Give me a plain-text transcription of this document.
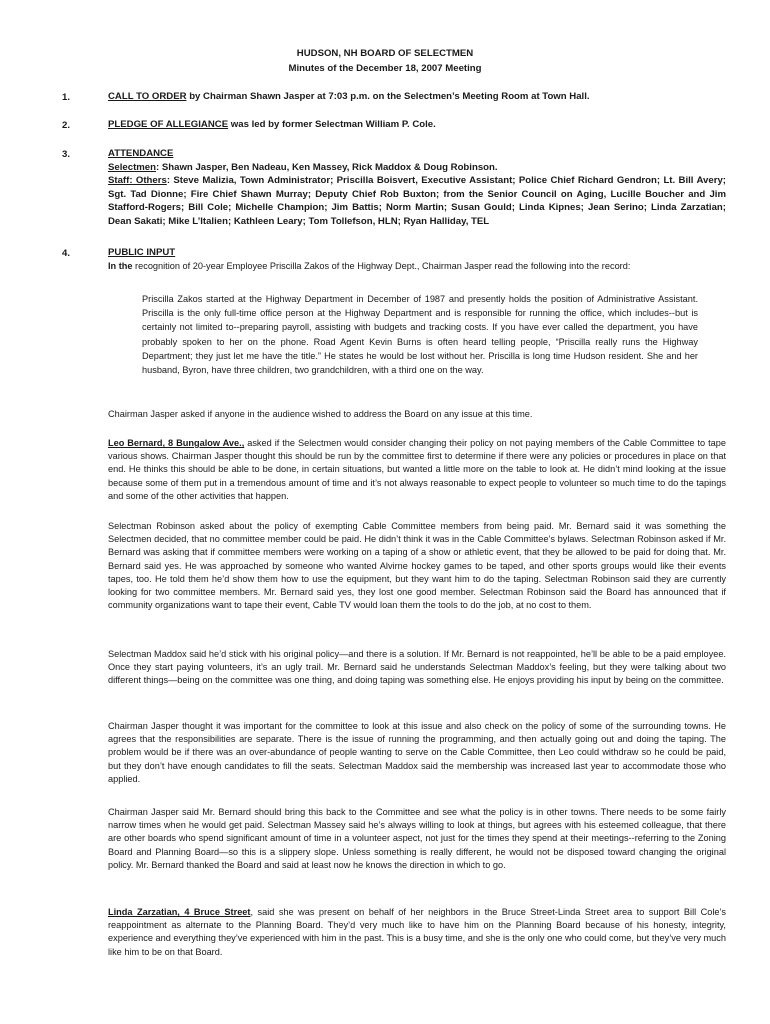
HUDSON, NH BOARD OF SELECTMEN
Minutes of the December 18, 2007 Meeting
1.	CALL TO ORDER by Chairman Shawn Jasper at 7:03 p.m. on the Selectmen’s Meeting Room at Town Hall.
2.	PLEDGE OF ALLEGIANCE was led by former Selectman William P. Cole.
3.	ATTENDANCE
Selectmen: Shawn Jasper, Ben Nadeau, Ken Massey, Rick Maddox & Doug Robinson.
Staff: Others: Steve Malizia, Town Administrator; Priscilla Boisvert, Executive Assistant; Police Chief Richard Gendron; Lt. Bill Avery; Sgt. Tad Dionne; Fire Chief Shawn Murray; Deputy Chief Rob Buxton; from the Senior Council on Aging, Lucille Boucher and Jim Stafford-Rogers; Bill Cole; Michelle Champion; Jim Battis; Norm Martin; Susan Gould; Linda Kipnes; Jean Serino; Linda Zarzatian; Dean Sakati; Mike L’Italien; Kathleen Leary; Tom Tollefson, HLN; Ryan Halliday, TEL
4.	PUBLIC INPUT
In the recognition of 20-year Employee Priscilla Zakos of the Highway Dept., Chairman Jasper read the following into the record:
Priscilla Zakos started at the Highway Department in December of 1987 and presently holds the position of Administrative Assistant. Priscilla is the only full-time office person at the Highway Department and is responsible for running the office, which includes--but is certainly not limited to--preparing payroll, assisting with budgets and tracking costs. If you have ever called the department, you have probably spoken to her on the phone. Road Agent Kevin Burns is often heard telling people, “Priscilla really runs the Highway Department; they just let me have the title.” He states he would be lost without her. Priscilla is long time Hudson resident. She and her husband, Byron, have three children, two grandchildren, with a third one on the way.
Chairman Jasper asked if anyone in the audience wished to address the Board on any issue at this time.
Leo Bernard, 8 Bungalow Ave., asked if the Selectmen would consider changing their policy on not paying members of the Cable Committee to tape various shows. Chairman Jasper thought this should be run by the committee first to determine if there were any policies or procedures in place on that end. He thinks this should be able to be done, in certain situations, but wanted a little more on the table to look at. He didn’t mind looking at the issue because some of them put in a tremendous amount of time and it’s not always reasonable to expect people to volunteer so much time to do the tapings and some of the other activities that happen.
Selectman Robinson asked about the policy of exempting Cable Committee members from being paid. Mr. Bernard said it was something the Selectmen decided, that no committee member could be paid. He didn’t think it was in the Cable Committee’s bylaws. Selectman Robinson asked if Mr. Bernard was asking that if committee members were working on a taping of a show or athletic event, that they be allowed to be paid for doing that. Mr. Bernard said yes. He was approached by someone who wanted Alvirne hockey games to be taped, and other sports groups would like their events tapes, too. He told them he’d show them how to use the equipment, but they want him to do the taping. Selectman Robinson said they are currently looking for two committee members. Mr. Bernard said yes, they lost one good member. Selectman Robinson said the Board has announced that if community organizations want to tape their event, Cable TV would loan them the tools to do the job, at no cost to them.
Selectman Maddox said he’d stick with his original policy—and there is a solution. If Mr. Bernard is not reappointed, he’ll be able to be a paid employee. Once they start paying volunteers, it’s an ugly trail. Mr. Bernard said he understands Selectman Maddox’s feeling, but they were talking about two different things—being on the committee was one thing, and doing taping was something else. He enjoys providing his input by being on the committee.
Chairman Jasper thought it was important for the committee to look at this issue and also check on the policy of some of the surrounding towns. He agrees that the responsibilities are separate. There is the issue of running the programming, and then actually going out and doing the taping. The problem would be if there was an over-abundance of people wanting to serve on the Cable Committee, then Leo could withdraw so he could be paid, but they don’t have enough candidates to fill the seats. Selectman Maddox said the membership was increased last year to accommodate those who applied.
Chairman Jasper said Mr. Bernard should bring this back to the Committee and see what the policy is in other towns. There needs to be some fairly narrow times when he would get paid. Selectman Massey said he’s always willing to look at things, but agrees with his esteemed colleague, that there are other boards who spend significant amount of time in a volunteer aspect, not just for the times they spend at their meetings--referring to the Zoning Board and Planning Board—so this is a slippery slope. Unless something is really different, he would not be disposed toward changing the original policy. Mr. Bernard thanked the Board and said at least now he knows the direction in which to go.
Linda Zarzatian, 4 Bruce Street, said she was present on behalf of her neighbors in the Bruce Street-Linda Street area to support Bill Cole’s reappointment as alternate to the Planning Board. They’d very much like to have him on the Planning Board because of his honesty, integrity, experience and everything they’ve experienced with him in the past. This is a busy time, and she is the only one who could come, but they’ve very much like him to be on that Board.
